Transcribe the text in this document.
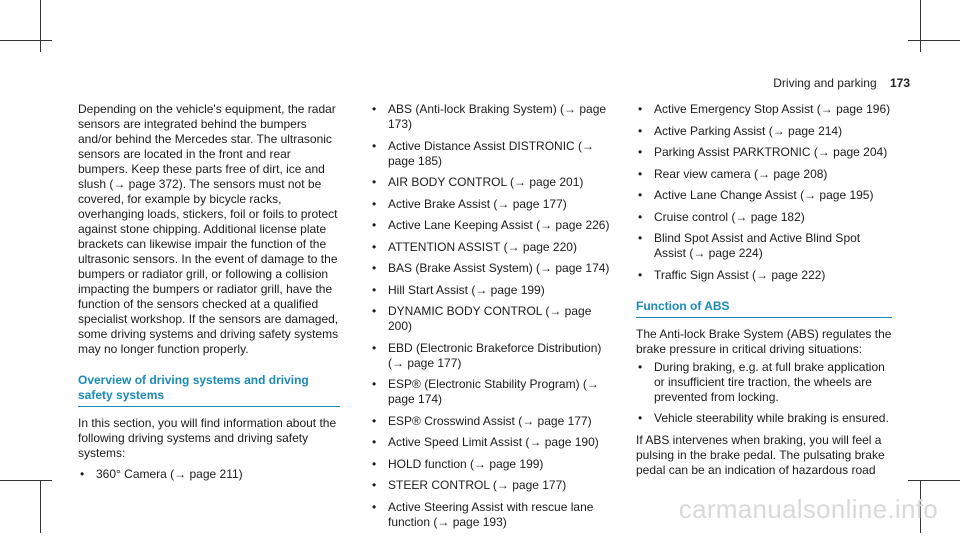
Driving and parking 173

Depending on the vehicle's equipment, the radar sensors are integrated behind the bumpers and/or behind the Mercedes star. The ultrasonic sensors are located in the front and rear bumpers. Keep these parts free of dirt, ice and slush (→ page 372). The sensors must not be covered, for example by bicycle racks, overhanging loads, stickers, foil or foils to protect against stone chipping. Additional license plate brackets can likewise impair the function of the ultrasonic sensors. In the event of damage to the bumpers or radiator grill, or following a collision impacting the bumpers or radiator grill, have the function of the sensors checked at a qualified specialist workshop. If the sensors are damaged, some driving systems and driving safety systems may no longer function properly.

Overview of driving systems and driving safety systems

In this section, you will find information about the following driving systems and driving safety systems:

• 360° Camera (→ page 211)
• ABS (Anti-lock Braking System) (→ page 173)
• Active Distance Assist DISTRONIC (→ page 185)
• AIR BODY CONTROL (→ page 201)
• Active Brake Assist (→ page 177)
• Active Lane Keeping Assist (→ page 226)
• ATTENTION ASSIST (→ page 220)
• BAS (Brake Assist System) (→ page 174)
• Hill Start Assist (→ page 199)
• DYNAMIC BODY CONTROL (→ page 200)
• EBD (Electronic Brakeforce Distribution) (→ page 177)
• ESP® (Electronic Stability Program) (→ page 174)
• ESP® Crosswind Assist (→ page 177)
• Active Speed Limit Assist (→ page 190)
• HOLD function (→ page 199)
• STEER CONTROL (→ page 177)
• Active Steering Assist with rescue lane function (→ page 193)
• Active Emergency Stop Assist (→ page 196)
• Active Parking Assist (→ page 214)
• Parking Assist PARKTRONIC (→ page 204)
• Rear view camera (→ page 208)
• Active Lane Change Assist (→ page 195)
• Cruise control (→ page 182)
• Blind Spot Assist and Active Blind Spot Assist (→ page 224)
• Traffic Sign Assist (→ page 222)
Function of ABS

The Anti-lock Brake System (ABS) regulates the brake pressure in critical driving situations:

• During braking, e.g. at full brake application or insufficient tire traction, the wheels are prevented from locking.
• Vehicle steerability while braking is ensured.

If ABS intervenes when braking, you will feel a pulsing in the brake pedal. The pulsating brake pedal can be an indication of hazardous road

carmanualsonline.info
